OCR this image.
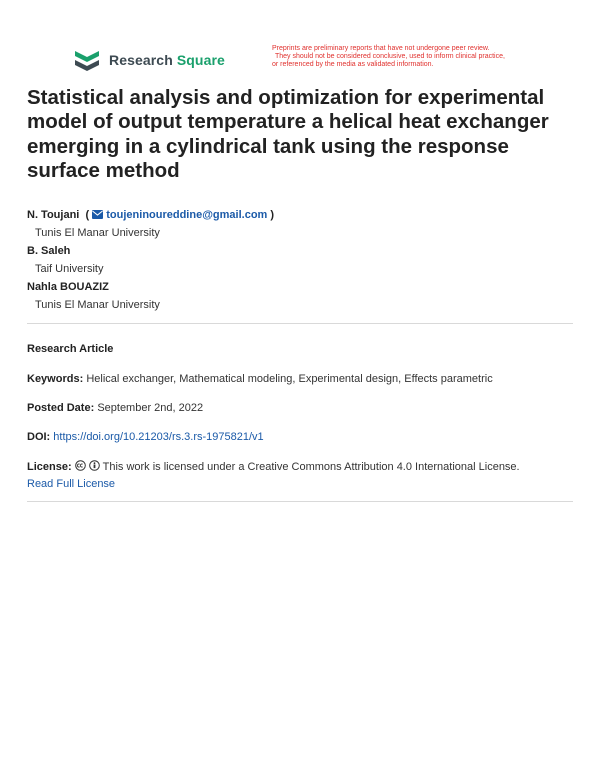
Research Square
Preprints are preliminary reports that have not undergone peer review.
They should not be considered conclusive, used to inform clinical practice,
or referenced by the media as validated information.
Statistical analysis and optimization for experimental model of output temperature a helical heat exchanger emerging in a cylindrical tank using the response surface method
N. Toujani  (  toujeninoureddine@gmail.com )
Tunis El Manar University
B. Saleh
Taif University
Nahla BOUAZIZ
Tunis El Manar University
Research Article
Keywords: Helical exchanger, Mathematical modeling, Experimental design, Effects parametric
Posted Date: September 2nd, 2022
DOI: https://doi.org/10.21203/rs.3.rs-1975821/v1
License:	This work is licensed under a Creative Commons Attribution 4.0 International License.
Read Full License
